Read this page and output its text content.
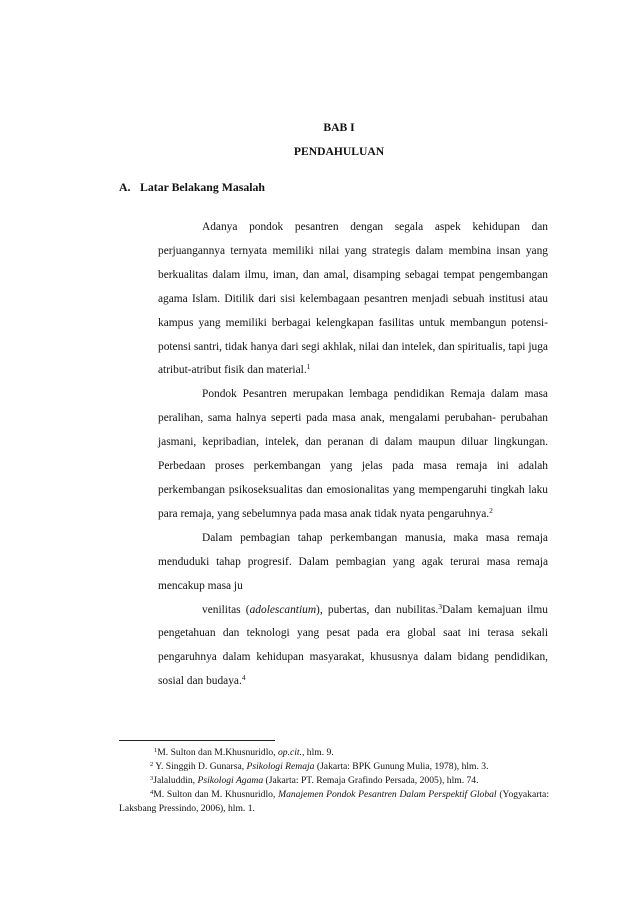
BAB I
PENDAHULUAN
A. Latar Belakang Masalah

Adanya pondok pesantren dengan segala aspek kehidupan dan perjuangannya ternyata memiliki nilai yang strategis dalam membina insan yang berkualitas dalam ilmu, iman, dan amal, disamping sebagai tempat pengembangan agama Islam. Ditilik dari sisi kelembagaan pesantren menjadi sebuah institusi atau kampus yang memiliki berbagai kelengkapan fasilitas untuk membangun potensi-potensi santri, tidak hanya dari segi akhlak, nilai dan intelek, dan spiritualis, tapi juga atribut-atribut fisik dan material.$^1$

Pondok Pesantren merupakan lembaga pendidikan Remaja dalam masa peralihan, sama halnya seperti pada masa anak, mengalami perubahan- perubahan jasmani, kepribadian, intelek, dan peranan di dalam maupun diluar lingkungan. Perbedaan proses perkembangan yang jelas pada masa remaja ini adalah perkembangan psikoseksualitas dan emosionalitas yang mempengaruhi tingkah laku para remaja, yang sebelumnya pada masa anak tidak nyata pengaruhnya.$^2$

Dalam pembagian tahap perkembangan manusia, maka masa remaja menduduki tahap progresif. Dalam pembagian yang agak terurai masa remaja mencakup masa ju

venilitas (adolescantium), pubertas, dan nubilitas.$^3$Dalam kemajuan ilmu pengetahuan dan teknologi yang pesat pada era global saat ini terasa sekali pengaruhnya dalam kehidupan masyarakat, khususnya dalam bidang pendidikan, sosial dan budaya.$^4$

$^1$M. Sulton dan M.Khusnuridlo, op.cit., hlm. 9.

$^2$ Y. Singgih D. Gunarsa, Psikologi Remaja (Jakarta: BPK Gunung Mulia, 1978), hlm. 3.

$^3$Jalaluddin, Psikologi Agama (Jakarta: PT. Remaja Grafindo Persada, 2005), hlm. 74.

$^4$M. Sulton dan M. Khusnuridlo, Manajemen Pondok Pesantren Dalam Perspektif Global (Yogyakarta: Laksbang Pressindo, 2006), hlm. 1.
